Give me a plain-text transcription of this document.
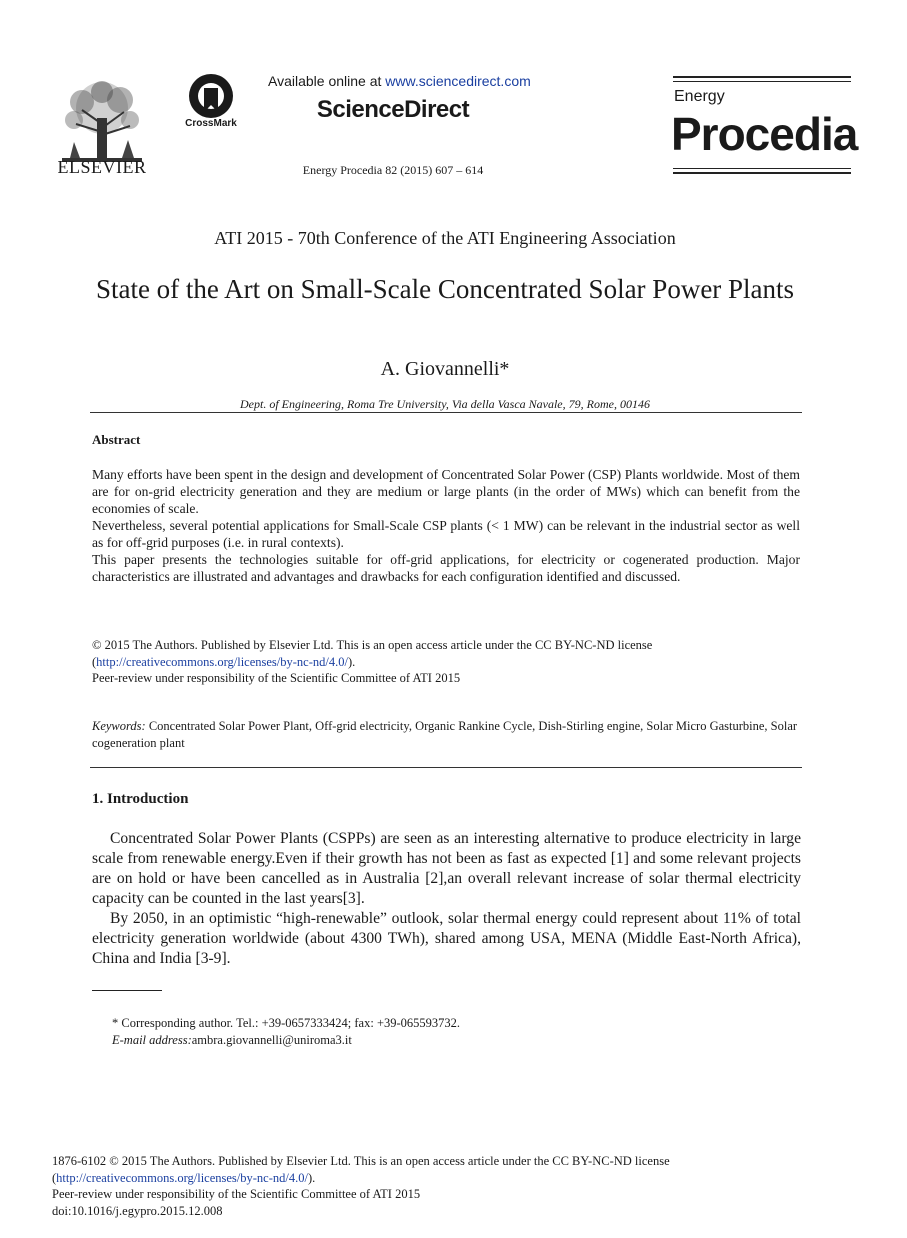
ELSEVIER
CrossMark
Available online at www.sciencedirect.com
ScienceDirect
Energy Procedia 82 (2015) 607 – 614
Energy
Procedia
ATI 2015 - 70th Conference of the ATI Engineering Association
State of the Art on Small-Scale Concentrated Solar Power Plants
A. Giovannelli*
Dept. of Engineering, Roma Tre University, Via della Vasca Navale, 79, Rome, 00146
Abstract

Many efforts have been spent in the design and development of Concentrated Solar Power (CSP) Plants worldwide. Most of them are for on-grid electricity generation and they are medium or large plants (in the order of MWs) which can benefit from the economies of scale.

Nevertheless, several potential applications for Small-Scale CSP plants (< 1 MW) can be relevant in the industrial sector as well as for off-grid purposes (i.e. in rural contexts).

This paper presents the technologies suitable for off-grid applications, for electricity or cogenerated production. Major characteristics are illustrated and advantages and drawbacks for each configuration identified and discussed.

© 2015 The Authors. Published by Elsevier Ltd. This is an open access article under the CC BY-NC-ND license

(http://creativecommons.org/licenses/by-nc-nd/4.0/).

Peer-review under responsibility of the Scientific Committee of ATI 2015

Keywords: Concentrated Solar Power Plant, Off-grid electricity, Organic Rankine Cycle, Dish-Stirling engine, Solar Micro Gasturbine, Solar cogeneration plant
1. Introduction

Concentrated Solar Power Plants (CSPPs) are seen as an interesting alternative to produce electricity in large scale from renewable energy.Even if their growth has not been as fast as expected [1] and some relevant projects are on hold or have been cancelled as in Australia [2],an overall relevant increase of solar thermal electricity capacity can be counted in the last years[3].

By 2050, in an optimistic “high-renewable” outlook, solar thermal energy could represent about 11% of total electricity generation worldwide (about 4300 TWh), shared among USA, MENA (Middle East-North Africa), China and India [3-9].

* Corresponding author. Tel.: +39-0657333424; fax: +39-065593732.

E-mail address:ambra.giovannelli@uniroma3.it

1876-6102 © 2015 The Authors. Published by Elsevier Ltd. This is an open access article under the CC BY-NC-ND license

(http://creativecommons.org/licenses/by-nc-nd/4.0/).

Peer-review under responsibility of the Scientific Committee of ATI 2015

doi:10.1016/j.egypro.2015.12.008
